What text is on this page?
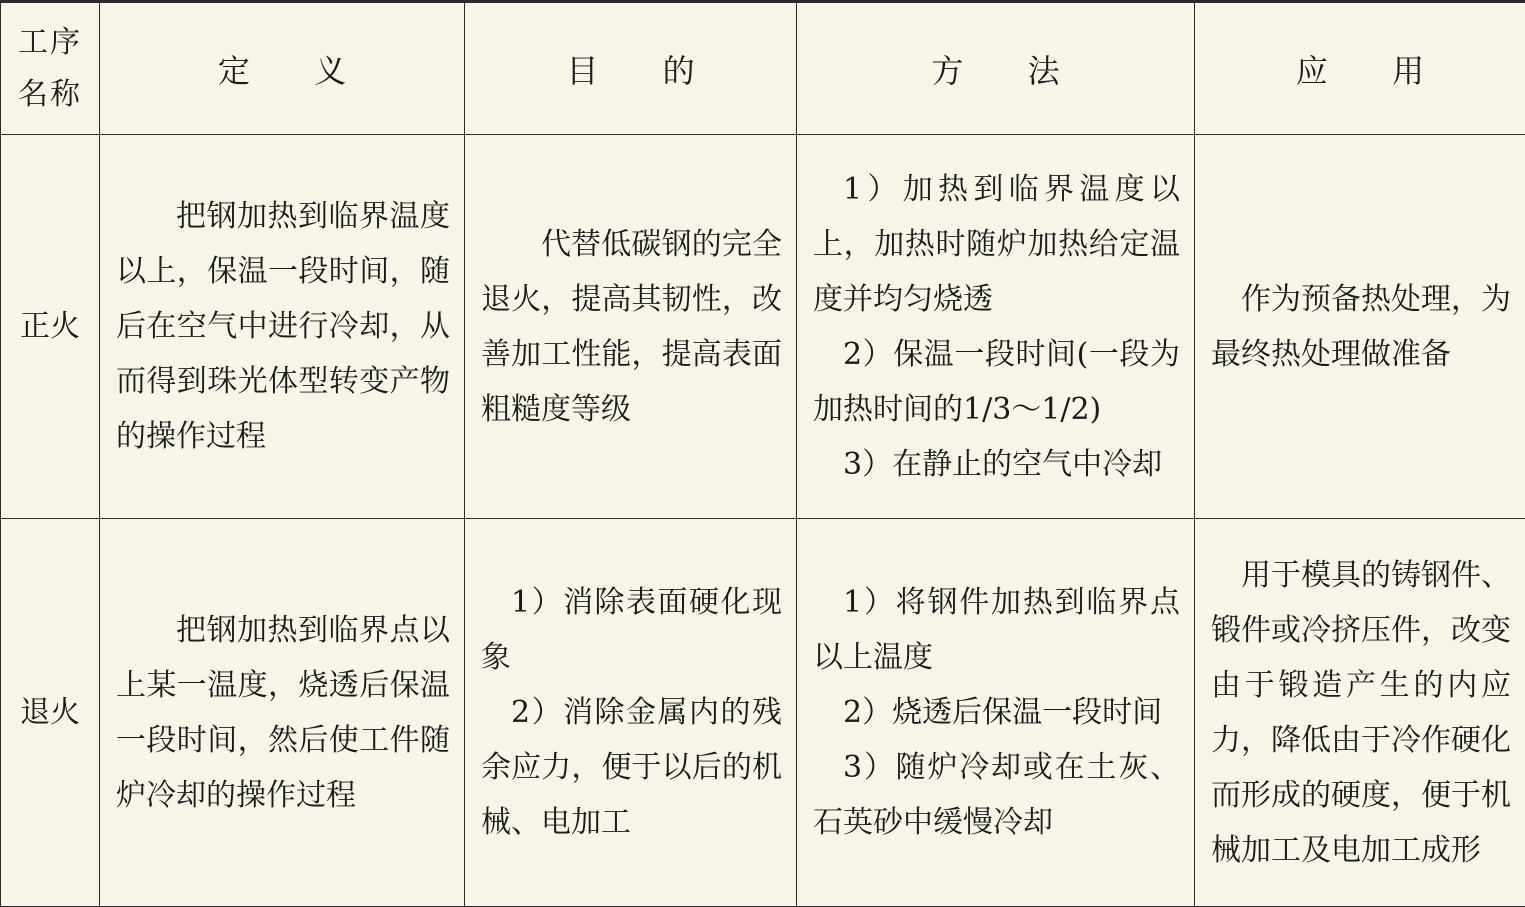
工序
名称	定 义	目 的	方 法	应 用
正火	把钢加热到临界温度以上，保温一段时间，随后在空气中进行冷却，从而得到珠光体型转变产物的操作过程	代替低碳钢的完全退火，提高其韧性，改善加工性能，提高表面粗糙度等级	1）加热到临界温度以上，加热时随炉加热给定温度并均匀烧透
2）保温一段时间(一段为加热时间的1/3～1/2)
3）在静止的空气中冷却	作为预备热处理，为最终热处理做准备

退火	把钢加热到临界点以上某一温度，烧透后保温一段时间，然后使工件随炉冷却的操作过程	1）消除表面硬化现象
2）消除金属内的残余应力，便于以后的机械、电加工	1）将钢件加热到临界点以上温度
2）烧透后保温一段时间
3）随炉冷却或在土灰、石英砂中缓慢冷却	用于模具的铸钢件、锻件或冷挤压件，改变由于锻造产生的内应力，降低由于冷作硬化而形成的硬度，便于机械加工及电加工成形
